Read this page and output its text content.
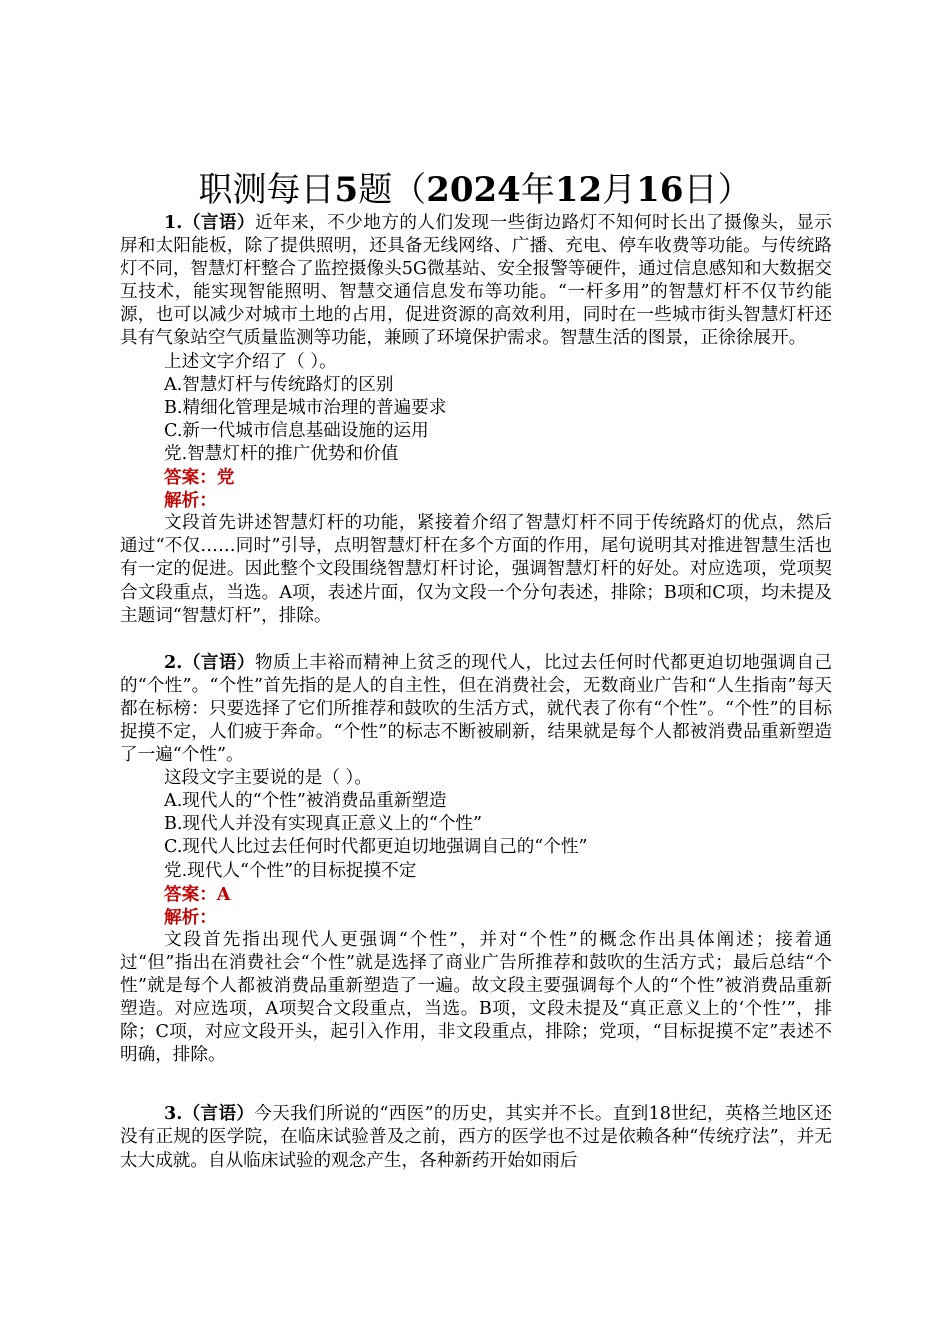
职测每日5题（2024年12月16日）

1.（言语）近年来，不少地方的人们发现一些街边路灯不知何时长出了摄像头，显示屏和太阳能板，除了提供照明，还具备无线网络、广播、充电、停车收费等功能。与传统路灯不同，智慧灯杆整合了监控摄像头5G微基站、安全报警等硬件，通过信息感知和大数据交互技术，能实现智能照明、智慧交通信息发布等功能。“一杆多用”的智慧灯杆不仅节约能源，也可以减少对城市土地的占用，促进资源的高效利用，同时在一些城市街头智慧灯杆还具有气象站空气质量监测等功能，兼顾了环境保护需求。智慧生活的图景，正徐徐展开。

上述文字介绍了（ ）。

A.智慧灯杆与传统路灯的区别

B.精细化管理是城市治理的普遍要求

C.新一代城市信息基础设施的运用

党.智慧灯杆的推广优势和价值

答案：党

解析：

文段首先讲述智慧灯杆的功能，紧接着介绍了智慧灯杆不同于传统路灯的优点，然后通过“不仅……同时”引导，点明智慧灯杆在多个方面的作用，尾句说明其对推进智慧生活也有一定的促进。因此整个文段围绕智慧灯杆讨论，强调智慧灯杆的好处。对应选项，党项契合文段重点，当选。A项，表述片面，仅为文段一个分句表述，排除；B项和C项，均未提及主题词“智慧灯杆”，排除。

2.（言语）物质上丰裕而精神上贫乏的现代人，比过去任何时代都更迫切地强调自己的“个性”。“个性”首先指的是人的自主性，但在消费社会，无数商业广告和“人生指南”每天都在标榜：只要选择了它们所推荐和鼓吹的生活方式，就代表了你有“个性”。“个性”的目标捉摸不定，人们疲于奔命。“个性”的标志不断被刷新，结果就是每个人都被消费品重新塑造了一遍“个性”。

这段文字主要说的是（ ）。

A.现代人的“个性”被消费品重新塑造

B.现代人并没有实现真正意义上的“个性”

C.现代人比过去任何时代都更迫切地强调自己的“个性”

党.现代人“个性”的目标捉摸不定

答案：A

解析：

文段首先指出现代人更强调“个性”，并对“个性”的概念作出具体阐述；接着通过“但”指出在消费社会“个性”就是选择了商业广告所推荐和鼓吹的生活方式；最后总结“个性”就是每个人都被消费品重新塑造了一遍。故文段主要强调每个人的“个性”被消费品重新塑造。对应选项，A项契合文段重点，当选。B项，文段未提及“真正意义上的‘个性’”，排除；C项，对应文段开头，起引入作用，非文段重点，排除；党项，“目标捉摸不定”表述不明确，排除。

3.（言语）今天我们所说的“西医”的历史，其实并不长。直到18世纪，英格兰地区还没有正规的医学院，在临床试验普及之前，西方的医学也不过是依赖各种“传统疗法”，并无太大成就。自从临床试验的观念产生，各种新药开始如雨后
